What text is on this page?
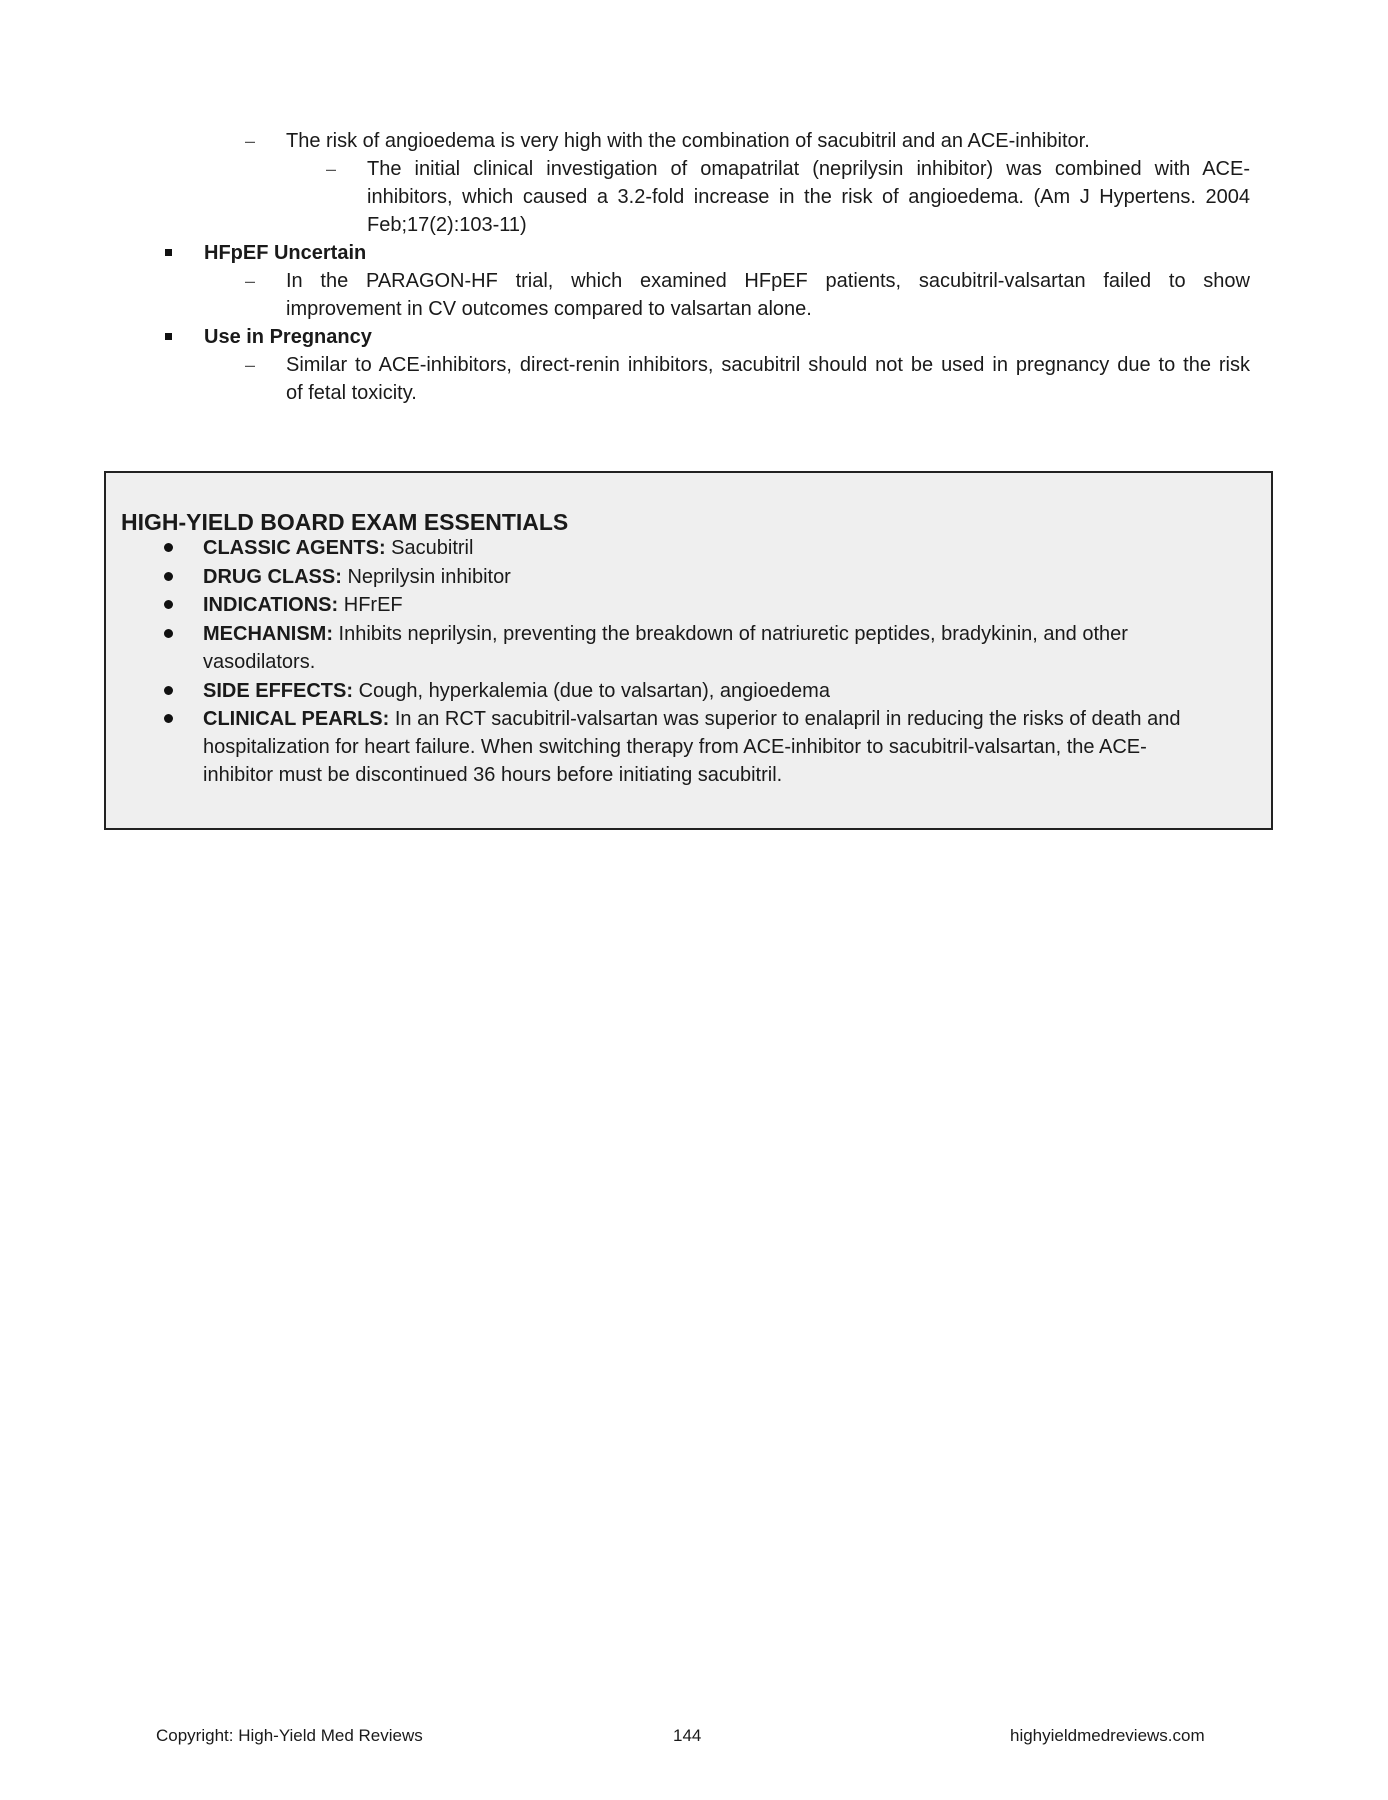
– The risk of angioedema is very high with the combination of sacubitril and an ACE-inhibitor.
– The initial clinical investigation of omapatrilat (neprilysin inhibitor) was combined with ACE-
inhibitors, which caused a 3.2-fold increase in the risk of angioedema. (Am J Hypertens. 2004
Feb;17(2):103-11)
HFpEF Uncertain
– In the PARAGON-HF trial, which examined HFpEF patients, sacubitril-valsartan failed to show
improvement in CV outcomes compared to valsartan alone.
Use in Pregnancy
– Similar to ACE-inhibitors, direct-renin inhibitors, sacubitril should not be used in pregnancy due to the risk
of fetal toxicity.
HIGH-YIELD BOARD EXAM ESSENTIALS
CLASSIC AGENTS: Sacubitril
DRUG CLASS: Neprilysin inhibitor
INDICATIONS: HFrEF
MECHANISM: Inhibits neprilysin, preventing the breakdown of natriuretic peptides, bradykinin, and other
vasodilators.
SIDE EFFECTS: Cough, hyperkalemia (due to valsartan), angioedema
CLINICAL PEARLS: In an RCT sacubitril-valsartan was superior to enalapril in reducing the risks of death and
hospitalization for heart failure. When switching therapy from ACE-inhibitor to sacubitril-valsartan, the ACE-
inhibitor must be discontinued 36 hours before initiating sacubitril.
Copyright: High-Yield Med Reviews	144	highyieldmedreviews.com
